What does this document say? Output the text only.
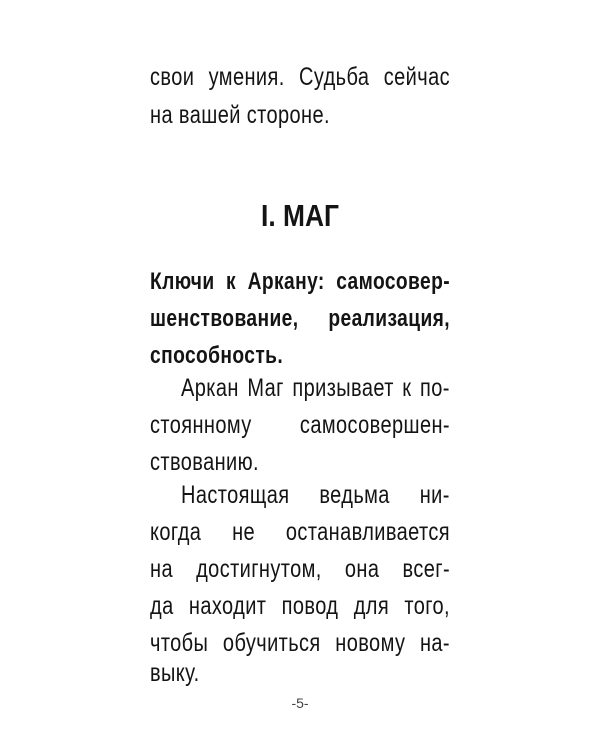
свои умения. Судьба сейчас
на вашей стороне.
I. МАГ
Ключи к Аркану: самосовер-
шенствование, реализация,
способность.
Аркан Маг призывает к по-
стоянному самосовершен-
ствованию.
Настоящая ведьма ни-
когда не останавливается
на достигнутом, она всег-
да находит повод для того,
чтобы обучиться новому на-
выку.
-5-
